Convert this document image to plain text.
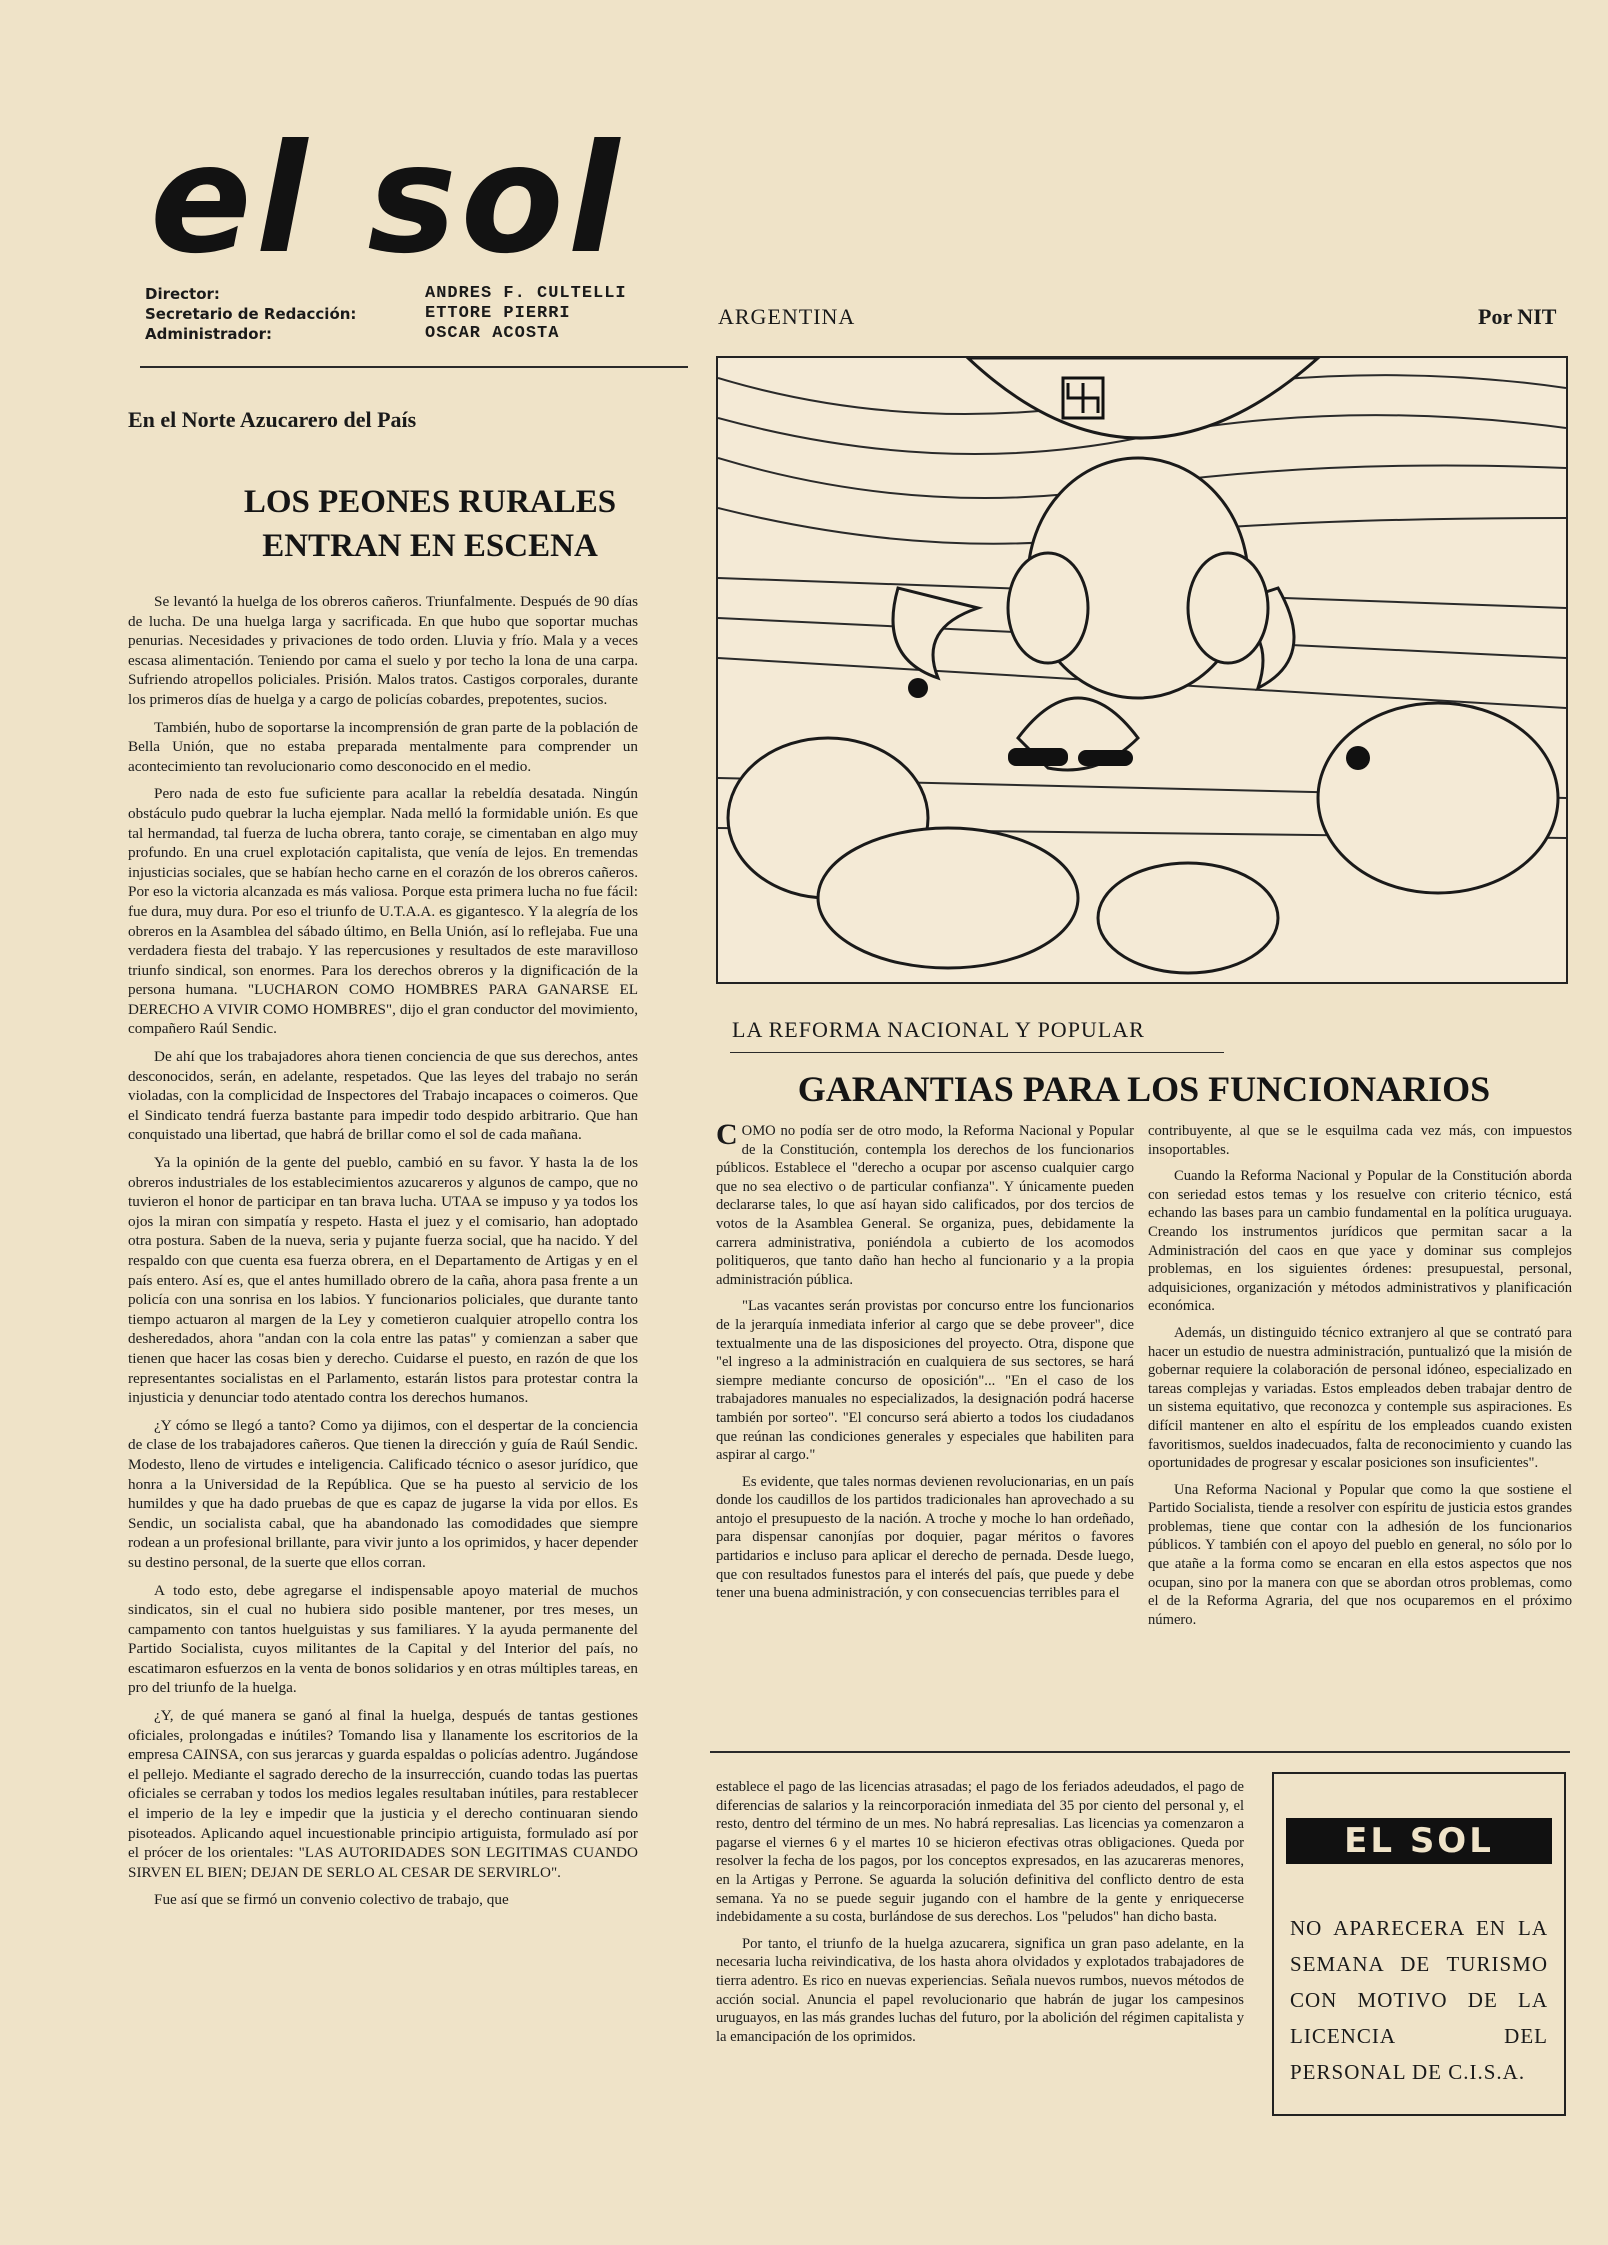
el sol
Director:	ANDRES F. CULTELLI
Secretario de Redacción:	ETTORE PIERRI
Administrador:	OSCAR ACOSTA
ARGENTINA	Por NIT
En el Norte Azucarero del País
LOS PEONES RURALES
ENTRAN EN ESCENA

Se levantó la huelga de los obreros cañeros. Triunfalmente. Después de 90 días de lucha. De una huelga larga y sacrificada. En que hubo que soportar muchas penurias. Necesidades y privaciones de todo orden. Lluvia y frío. Mala y a veces escasa alimentación. Teniendo por cama el suelo y por techo la lona de una carpa. Sufriendo atropellos policiales. Prisión. Malos tratos. Castigos corporales, durante los primeros días de huelga y a cargo de policías cobardes, prepotentes, sucios.

También, hubo de soportarse la incomprensión de gran parte de la población de Bella Unión, que no estaba preparada mentalmente para comprender un acontecimiento tan revolucionario como desconocido en el medio.

Pero nada de esto fue suficiente para acallar la rebeldía desatada. Ningún obstáculo pudo quebrar la lucha ejemplar. Nada melló la formidable unión. Es que tal hermandad, tal fuerza de lucha obrera, tanto coraje, se cimentaban en algo muy profundo. En una cruel explotación capitalista, que venía de lejos. En tremendas injusticias sociales, que se habían hecho carne en el corazón de los obreros cañeros. Por eso la victoria alcanzada es más valiosa. Porque esta primera lucha no fue fácil: fue dura, muy dura. Por eso el triunfo de U.T.A.A. es gigantesco. Y la alegría de los obreros en la Asamblea del sábado último, en Bella Unión, así lo reflejaba. Fue una verdadera fiesta del trabajo. Y las repercusiones y resultados de este maravilloso triunfo sindical, son enormes. Para los derechos obreros y la dignificación de la persona humana. "LUCHARON COMO HOMBRES PARA GANARSE EL DERECHO A VIVIR COMO HOMBRES", dijo el gran conductor del movimiento, compañero Raúl Sendic.

De ahí que los trabajadores ahora tienen conciencia de que sus derechos, antes desconocidos, serán, en adelante, respetados. Que las leyes del trabajo no serán violadas, con la complicidad de Inspectores del Trabajo incapaces o coimeros. Que el Sindicato tendrá fuerza bastante para impedir todo despido arbitrario. Que han conquistado una libertad, que habrá de brillar como el sol de cada mañana.

Ya la opinión de la gente del pueblo, cambió en su favor. Y hasta la de los obreros industriales de los establecimientos azucareros y algunos de campo, que no tuvieron el honor de participar en tan brava lucha. UTAA se impuso y ya todos los ojos la miran con simpatía y respeto. Hasta el juez y el comisario, han adoptado otra postura. Saben de la nueva, seria y pujante fuerza social, que ha nacido. Y del respaldo con que cuenta esa fuerza obrera, en el Departamento de Artigas y en el país entero. Así es, que el antes humillado obrero de la caña, ahora pasa frente a un policía con una sonrisa en los labios. Y funcionarios policiales, que durante tanto tiempo actuaron al margen de la Ley y cometieron cualquier atropello contra los desheredados, ahora "andan con la cola entre las patas" y comienzan a saber que tienen que hacer las cosas bien y derecho. Cuidarse el puesto, en razón de que los representantes socialistas en el Parlamento, estarán listos para protestar contra la injusticia y denunciar todo atentado contra los derechos humanos.

¿Y cómo se llegó a tanto? Como ya dijimos, con el despertar de la conciencia de clase de los trabajadores cañeros. Que tienen la dirección y guía de Raúl Sendic. Modesto, lleno de virtudes e inteligencia. Calificado técnico o asesor jurídico, que honra a la Universidad de la República. Que se ha puesto al servicio de los humildes y que ha dado pruebas de que es capaz de jugarse la vida por ellos. Es Sendic, un socialista cabal, que ha abandonado las comodidades que siempre rodean a un profesional brillante, para vivir junto a los oprimidos, y hacer depender su destino personal, de la suerte que ellos corran.

A todo esto, debe agregarse el indispensable apoyo material de muchos sindicatos, sin el cual no hubiera sido posible mantener, por tres meses, un campamento con tantos huelguistas y sus familiares. Y la ayuda permanente del Partido Socialista, cuyos militantes de la Capital y del Interior del país, no escatimaron esfuerzos en la venta de bonos solidarios y en otras múltiples tareas, en pro del triunfo de la huelga.

¿Y, de qué manera se ganó al final la huelga, después de tantas gestiones oficiales, prolongadas e inútiles? Tomando lisa y llanamente los escritorios de la empresa CAINSA, con sus jerarcas y guarda espaldas o policías adentro. Jugándose el pellejo. Mediante el sagrado derecho de la insurrección, cuando todas las puertas oficiales se cerraban y todos los medios legales resultaban inútiles, para restablecer el imperio de la ley e impedir que la justicia y el derecho continuaran siendo pisoteados. Aplicando aquel incuestionable principio artiguista, formulado así por el prócer de los orientales: "LAS AUTORIDADES SON LEGITIMAS CUANDO SIRVEN EL BIEN; DEJAN DE SERLO AL CESAR DE SERVIRLO".

Fue así que se firmó un convenio colectivo de trabajo, que

LA REFORMA NACIONAL Y POPULAR
GARANTIAS PARA LOS FUNCIONARIOS

COMO no podía ser de otro modo, la Reforma Nacional y Popular de la Constitución, contempla los derechos de los funcionarios públicos. Establece el "derecho a ocupar por ascenso cualquier cargo que no sea electivo o de particular confianza". Y únicamente pueden declararse tales, lo que así hayan sido calificados, por dos tercios de votos de la Asamblea General. Se organiza, pues, debidamente la carrera administrativa, poniéndola a cubierto de los acomodos politiqueros, que tanto daño han hecho al funcionario y a la propia administración pública.

"Las vacantes serán provistas por concurso entre los funcionarios de la jerarquía inmediata inferior al cargo que se debe proveer", dice textualmente una de las disposiciones del proyecto. Otra, dispone que "el ingreso a la administración en cualquiera de sus sectores, se hará siempre mediante concurso de oposición"... "En el caso de los trabajadores manuales no especializados, la designación podrá hacerse también por sorteo". "El concurso será abierto a todos los ciudadanos que reúnan las condiciones generales y especiales que habiliten para aspirar al cargo."

Es evidente, que tales normas devienen revolucionarias, en un país donde los caudillos de los partidos tradicionales han aprovechado a su antojo el presupuesto de la nación. A troche y moche lo han ordeñado, para dispensar canonjías por doquier, pagar méritos o favores partidarios e incluso para aplicar el derecho de pernada. Desde luego, que con resultados funestos para el interés del país, que puede y debe tener una buena administración, y con consecuencias terribles para el

contribuyente, al que se le esquilma cada vez más, con impuestos insoportables.

Cuando la Reforma Nacional y Popular de la Constitución aborda con seriedad estos temas y los resuelve con criterio técnico, está echando las bases para un cambio fundamental en la política uruguaya. Creando los instrumentos jurídicos que permitan sacar a la Administración del caos en que yace y dominar sus complejos problemas, en los siguientes órdenes: presupuestal, personal, adquisiciones, organización y métodos administrativos y planificación económica.

Además, un distinguido técnico extranjero al que se contrató para hacer un estudio de nuestra administración, puntualizó que la misión de gobernar requiere la colaboración de personal idóneo, especializado en tareas complejas y variadas. Estos empleados deben trabajar dentro de un sistema equitativo, que reconozca y contemple sus aspiraciones. Es difícil mantener en alto el espíritu de los empleados cuando existen favoritismos, sueldos inadecuados, falta de reconocimiento y cuando las oportunidades de progresar y escalar posiciones son insuficientes".

Una Reforma Nacional y Popular que como la que sostiene el Partido Socialista, tiende a resolver con espíritu de justicia estos grandes problemas, tiene que contar con la adhesión de los funcionarios públicos. Y también con el apoyo del pueblo en general, no sólo por lo que atañe a la forma como se encaran en ella estos aspectos que nos ocupan, sino por la manera con que se abordan otros problemas, como el de la Reforma Agraria, del que nos ocuparemos en el próximo número.

establece el pago de las licencias atrasadas; el pago de los feriados adeudados, el pago de diferencias de salarios y la reincorporación inmediata del 35 por ciento del personal y, el resto, dentro del término de un mes. No habrá represalias. Las licencias ya comenzaron a pagarse el viernes 6 y el martes 10 se hicieron efectivas otras obligaciones. Queda por resolver la fecha de los pagos, por los conceptos expresados, en las azucareras menores, en la Artigas y Perrone. Se aguarda la solución definitiva del conflicto dentro de esta semana. Ya no se puede seguir jugando con el hambre de la gente y enriquecerse indebidamente a su costa, burlándose de sus derechos. Los "peludos" han dicho basta.

Por tanto, el triunfo de la huelga azucarera, significa un gran paso adelante, en la necesaria lucha reivindicativa, de los hasta ahora olvidados y explotados trabajadores de tierra adentro. Es rico en nuevas experiencias. Señala nuevos rumbos, nuevos métodos de acción social. Anuncia el papel revolucionario que habrán de jugar los campesinos uruguayos, en las más grandes luchas del futuro, por la abolición del régimen capitalista y la emancipación de los oprimidos.

EL SOL
NO APARECERA EN LA SEMANA DE TURISMO CON MOTIVO DE LA LICENCIA DEL PERSONAL DE C.I.S.A.
